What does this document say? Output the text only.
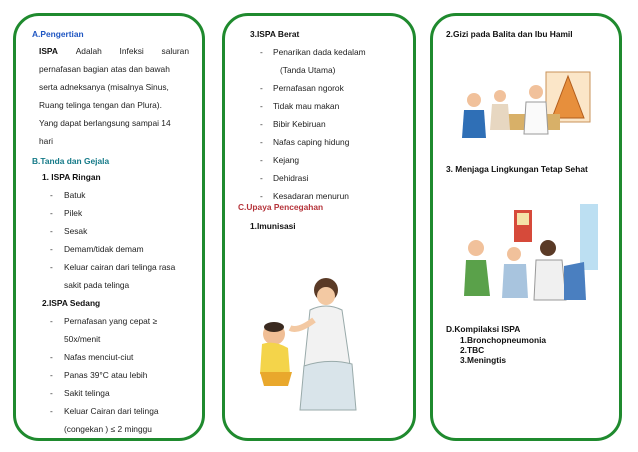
A.Pengertian
ISPA Adalah Infeksi saluran
pernafasan bagian atas dan bawah
serta adneksanya (misalnya Sinus,
Ruang telinga tengan dan Plura).
Yang dapat berlangsung sampai 14
hari
B.Tanda dan Gejala
1. ISPA Ringan
- Batuk
- Pilek
- Sesak
- Demam/tidak demam
- Keluar cairan dari telinga rasa
sakit pada telinga
2.ISPA Sedang
- Pernafasan yang cepat ≥
50x/menit
- Nafas menciut-ciut
- Panas 39°C atau lebih
- Sakit telinga
- Keluar Cairan dari telinga
(congekan ) ≤ 2 minggu
3.ISPA Berat
- Penarikan dada kedalam
(Tanda Utama)
- Pernafasan ngorok
- Tidak mau makan
- Bibir Kebiruan
- Nafas caping hidung
- Kejang
- Dehidrasi
- Kesadaran menurun
C.Upaya Pencegahan
1.Imunisasi
2.Gizi pada Balita dan Ibu Hamil
3. Menjaga Lingkungan Tetap Sehat
D.Kompilaksi ISPA
1.Bronchopneumonia
2.TBC
3.Meningtis
